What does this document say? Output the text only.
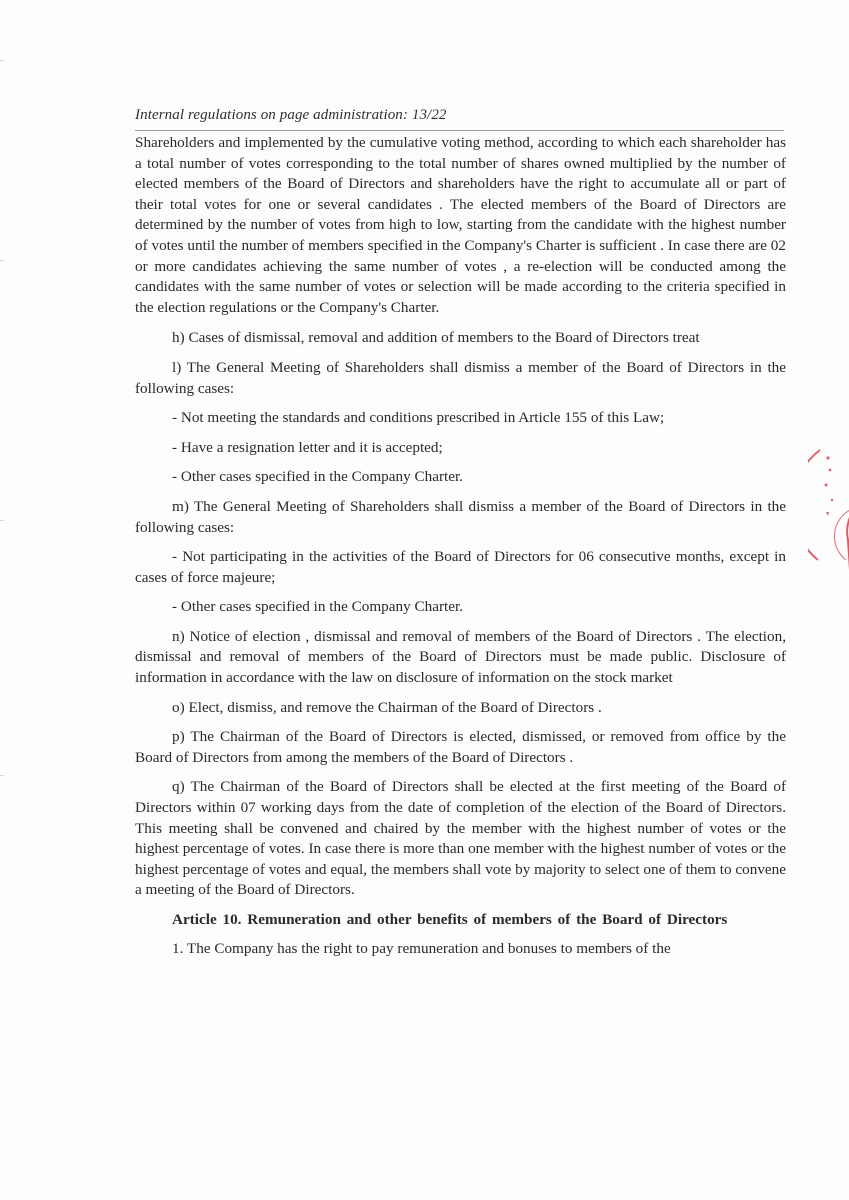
Internal regulations on page administration: 13/22

Shareholders and implemented by the cumulative voting method, according to which each shareholder has a total number of votes corresponding to the total number of shares owned multiplied by the number of elected members of the Board of Directors and shareholders have the right to accumulate all or part of their total votes for one or several candidates . The elected members of the Board of Directors are determined by the number of votes from high to low, starting from the candidate with the highest number of votes until the number of members specified in the Company's Charter is sufficient . In case there are 02 or more candidates achieving the same number of votes , a re-election will be conducted among the candidates with the same number of votes or selection will be made according to the criteria specified in the election regulations or the Company's Charter.

h) Cases of dismissal, removal and addition of members to the Board of Directors treat

l) The General Meeting of Shareholders shall dismiss a member of the Board of Directors in the following cases:

- Not meeting the standards and conditions prescribed in Article 155 of this Law;

- Have a resignation letter and it is accepted;

- Other cases specified in the Company Charter.

m) The General Meeting of Shareholders shall dismiss a member of the Board of Directors in the following cases:

- Not participating in the activities of the Board of Directors for 06 consecutive months, except in cases of force majeure;

- Other cases specified in the Company Charter.

n) Notice of election , dismissal and removal of members of the Board of Directors . The election, dismissal and removal of members of the Board of Directors must be made public. Disclosure of information in accordance with the law on disclosure of information on the stock market

o) Elect, dismiss, and remove the Chairman of the Board of Directors .

p) The Chairman of the Board of Directors is elected, dismissed, or removed from office by the Board of Directors from among the members of the Board of Directors .

q) The Chairman of the Board of Directors shall be elected at the first meeting of the Board of Directors within 07 working days from the date of completion of the election of the Board of Directors. This meeting shall be convened and chaired by the member with the highest number of votes or the highest percentage of votes. In case there is more than one member with the highest number of votes or the highest percentage of votes and equal, the members shall vote by majority to select one of them to convene a meeting of the Board of Directors.

Article 10. Remuneration and other benefits of members of the Board of Directors

1. The Company has the right to pay remuneration and bonuses to members of the
